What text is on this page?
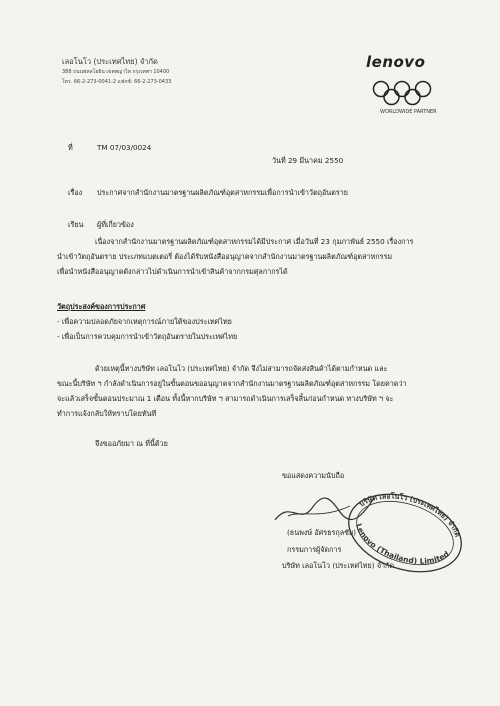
เลอโนโว (ประเทศไทย) จำกัด
388 ถนนพหลโยธิน เขตพญาไท กรุงเทพฯ 10400
โทร. 66-2-273-0041-2 แฟกซ์: 66-2-273-0433
lenovo
WORLDWIDE PARTNER
ที่	TM 07/03/0024
วันที่ 29 มีนาคม 2550
เรื่อง ประกาศจากสำนักงานมาตรฐานผลิตภัณฑ์อุตสาหกรรมเพื่อการนำเข้าวัตถุอันตราย
เรียน ผู้ที่เกี่ยวข้อง
เนื่องจากสำนักงานมาตรฐานผลิตภัณฑ์อุตสาหกรรมได้มีประกาศ เมื่อวันที่ 23 กุมภาพันธ์ 2550 เรื่องการ
นำเข้าวัตถุอันตราย ประเภทแบตเตอรี่ ต้องได้รับหนังสืออนุญาตจากสำนักงานมาตรฐานผลิตภัณฑ์อุตสาหกรรม
เพื่อนำหนังสืออนุญาตดังกล่าวไปดำเนินการนำเข้าสินค้าจากกรมศุลกากรได้
วัตถุประสงค์ของการประกาศ
- เพื่อความปลอดภัยจากเหตุการณ์ภายใต้ของประเทศไทย
- เพื่อเป็นการควบคุมการนำเข้าวัตถุอันตรายในประเทศไทย
ด้วยเหตุนี้ทางบริษัท เลอโนโว (ประเทศไทย) จำกัด จึงไม่สามารถจัดส่งสินค้าได้ตามกำหนด และ
ขณะนี้บริษัท ฯ กำลังดำเนินการอยู่ในขั้นตอนขออนุญาตจากสำนักงานมาตรฐานผลิตภัณฑ์อุตสาหกรรม โดยคาดว่า
จะแล้วเสร็จขั้นตอนประมาณ 1 เดือน ทั้งนี้หากบริษัท ฯ สามารถดำเนินการเสร็จสิ้นก่อนกำหนด ทางบริษัท ฯ จะ
ทำการแจ้งกลับให้ทราบโดยทันที
จึงขออภัยมา ณ ที่นี้ด้วย
ขอแสดงความนับถือ
(ธนพงษ์ อัศรธรกุลชัย)
กรรมการผู้จัดการ
บริษัท เลอโนโว (ประเทศไทย) จำกัด
บริษัท เลอโนโว (ประเทศไทย) จำกัด
Lenovo (Thailand) Limited
